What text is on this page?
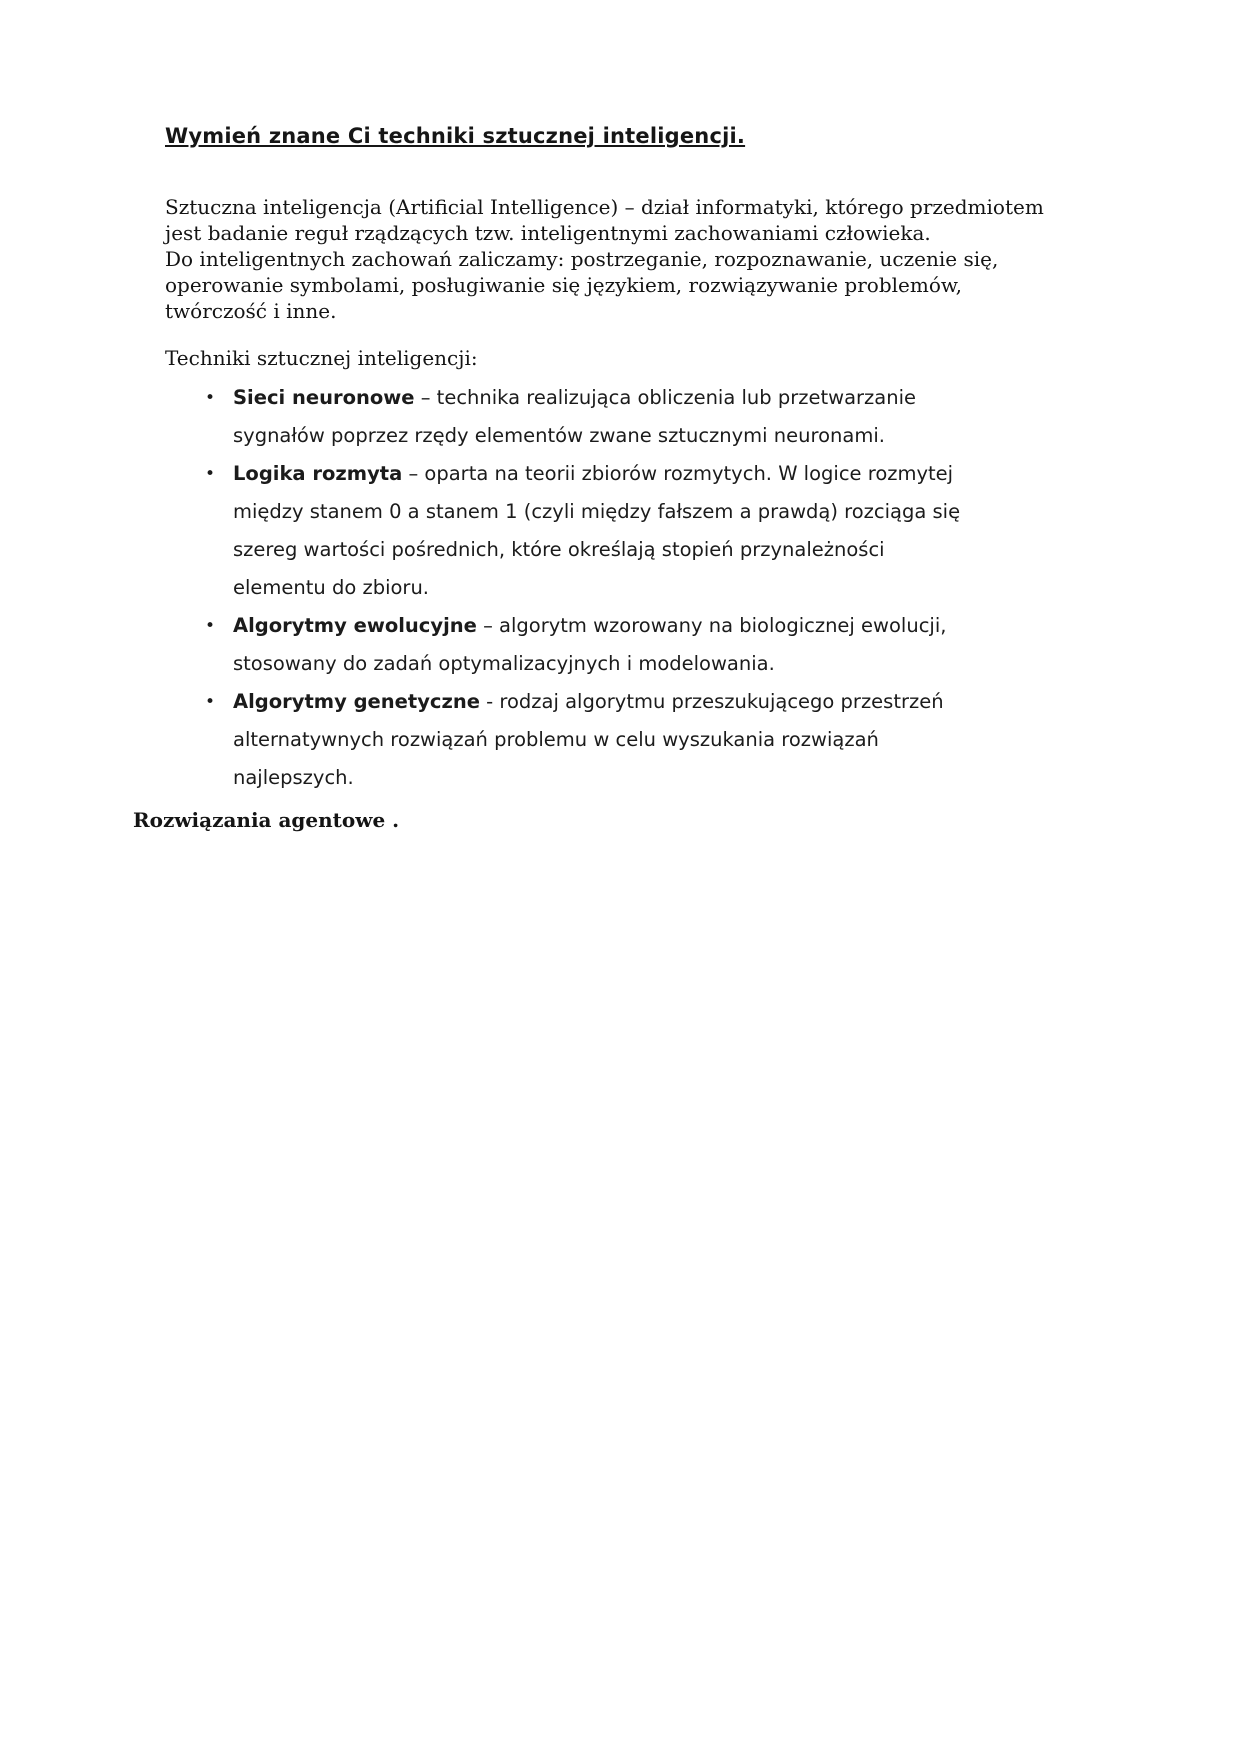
Wymień znane Ci techniki sztucznej inteligencji.

Sztuczna inteligencja (Artificial Intelligence) – dział informatyki, którego przedmiotem jest badanie reguł rządzących tzw. inteligentnymi zachowaniami człowieka.

Do inteligentnych zachowań zaliczamy: postrzeganie, rozpoznawanie, uczenie się, operowanie symbolami, posługiwanie się językiem, rozwiązywanie problemów, twórczość i inne.

Techniki sztucznej inteligencji:

• Sieci neuronowe – technika realizująca obliczenia lub przetwarzanie sygnałów poprzez rzędy elementów zwane sztucznymi neuronami.
• Logika rozmyta – oparta na teorii zbiorów rozmytych. W logice rozmytej między stanem 0 a stanem 1 (czyli między fałszem a prawdą) rozciąga się szereg wartości pośrednich, które określają stopień przynależności elementu do zbioru.
• Algorytmy ewolucyjne – algorytm wzorowany na biologicznej ewolucji, stosowany do zadań optymalizacyjnych i modelowania.
• Algorytmy genetyczne - rodzaj algorytmu przeszukującego przestrzeń alternatywnych rozwiązań problemu w celu wyszukania rozwiązań najlepszych.

Rozwiązania agentowe .
